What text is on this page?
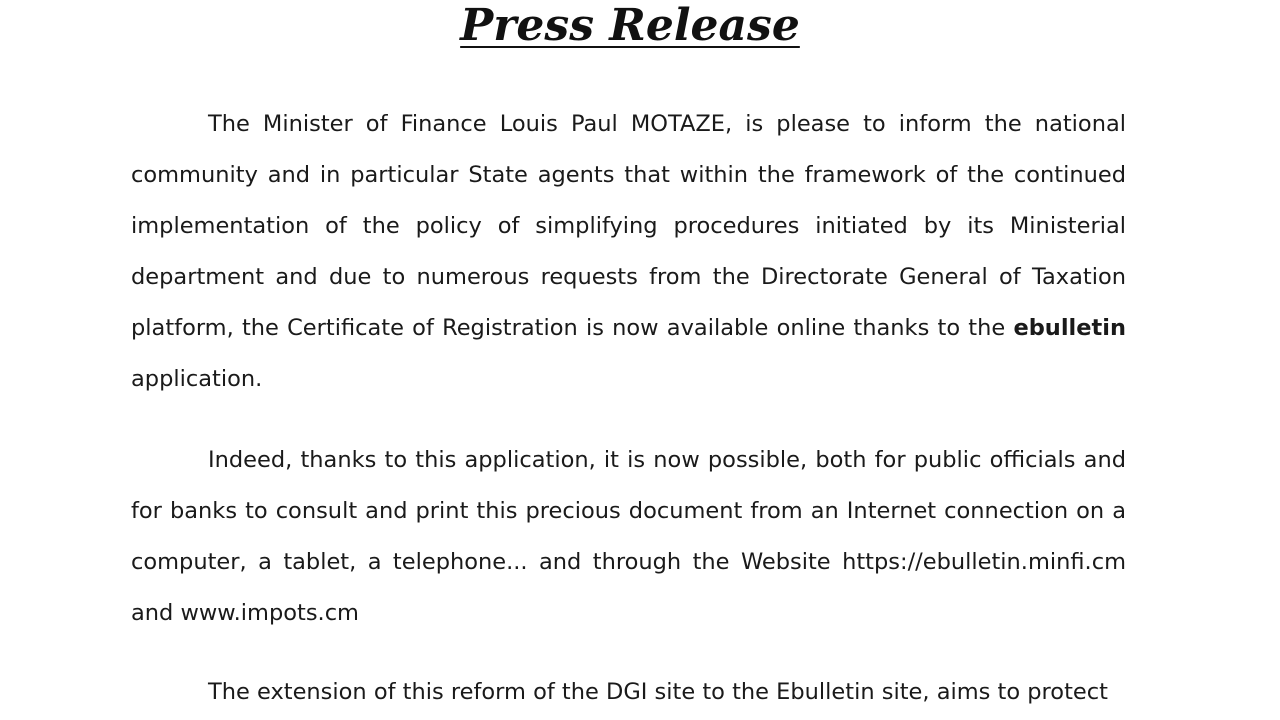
Press Release

The Minister of Finance Louis Paul MOTAZE, is please to inform the national community and in particular State agents that within the framework of the continued implementation of the policy of simplifying procedures initiated by its Ministerial department and due to numerous requests from the Directorate General of Taxation platform, the Certificate of Registration is now available online thanks to the ebulletin application.

Indeed, thanks to this application, it is now possible, both for public officials and for banks to consult and print this precious document from an Internet connection on a computer, a tablet, a telephone... and through the Website https://ebulletin.minfi.cm and www.impots.cm

The extension of this reform of the DGI site to the Ebulletin site, aims to protect
